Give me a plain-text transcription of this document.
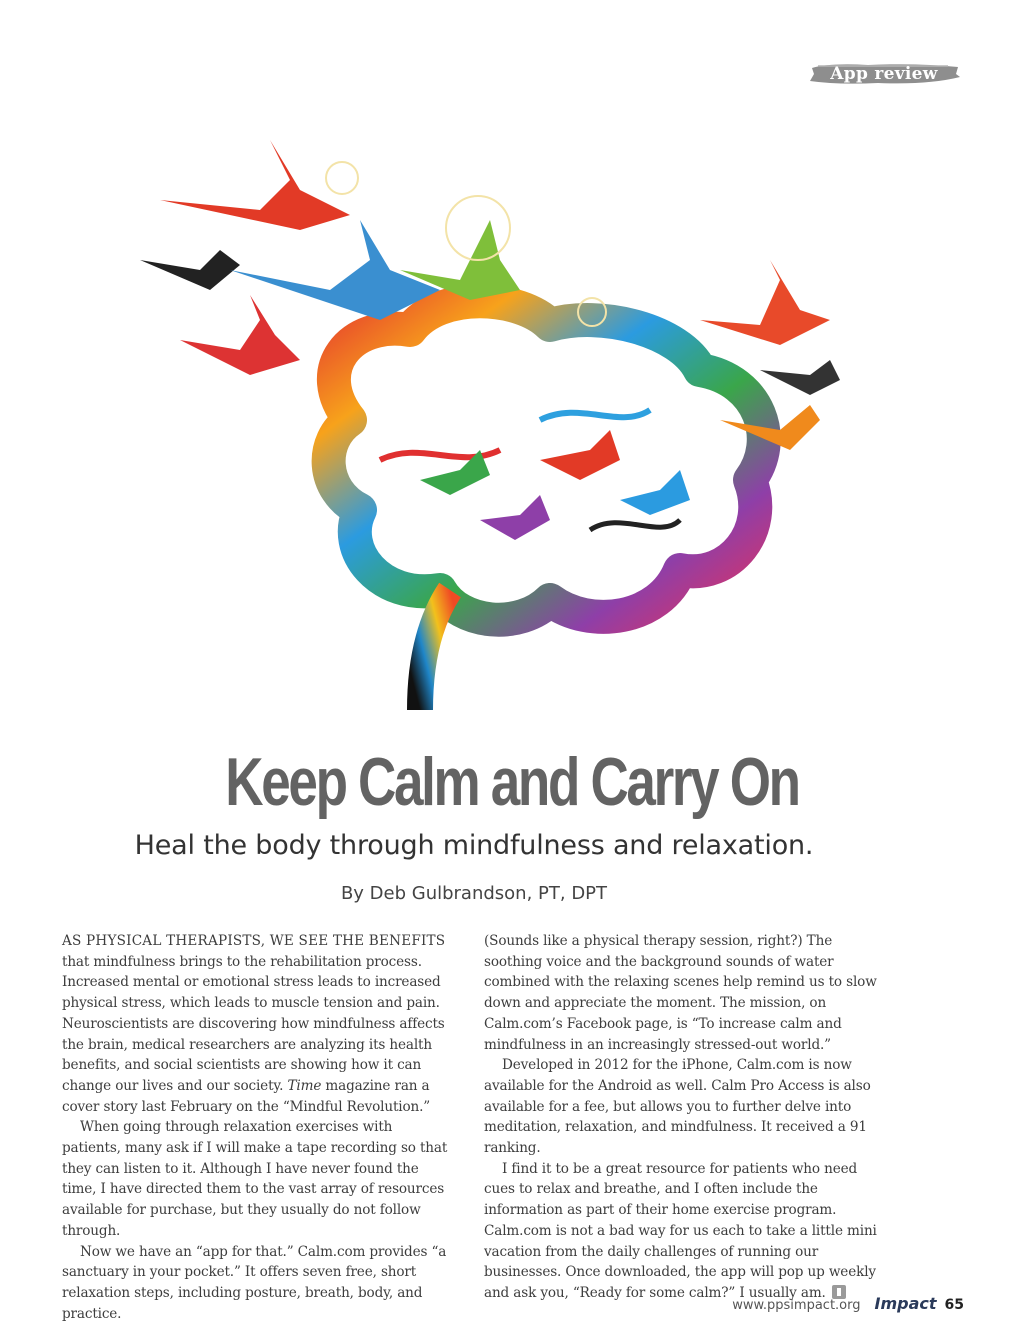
App review
Keep Calm and Carry On
Heal the body through mindfulness and relaxation.
By Deb Gulbrandson, PT, DPT

AS PHYSICAL THERAPISTS, WE SEE THE BENEFITS that mindfulness brings to the rehabilitation process. Increased mental or emotional stress leads to increased physical stress, which leads to muscle tension and pain. Neuroscientists are discovering how mindfulness affects the brain, medical researchers are analyzing its health benefits, and social scientists are showing how it can change our lives and our society. Time magazine ran a cover story last February on the “Mindful Revolution.”

When going through relaxation exercises with patients, many ask if I will make a tape recording so that they can listen to it. Although I have never found the time, I have directed them to the vast array of resources available for purchase, but they usually do not follow through.

Now we have an “app for that.” Calm.com provides “a sanctuary in your pocket.” It offers seven free, short relaxation steps, including posture, breath, body, and practice.

(Sounds like a physical therapy session, right?) The soothing voice and the background sounds of water combined with the relaxing scenes help remind us to slow down and appreciate the moment. The mission, on Calm.com’s Facebook page, is “To increase calm and mindfulness in an increasingly stressed-out world.”

Developed in 2012 for the iPhone, Calm.com is now available for the Android as well. Calm Pro Access is also available for a fee, but allows you to further delve into meditation, relaxation, and mindfulness. It received a 91 ranking.

I find it to be a great resource for patients who need cues to relax and breathe, and I often include the information as part of their home exercise program. Calm.com is not a bad way for us each to take a little mini vacation from the daily challenges of running our businesses. Once downloaded, the app will pop up weekly and ask you, “Ready for some calm?” I usually am.

www.ppsimpact.org Impact 65
